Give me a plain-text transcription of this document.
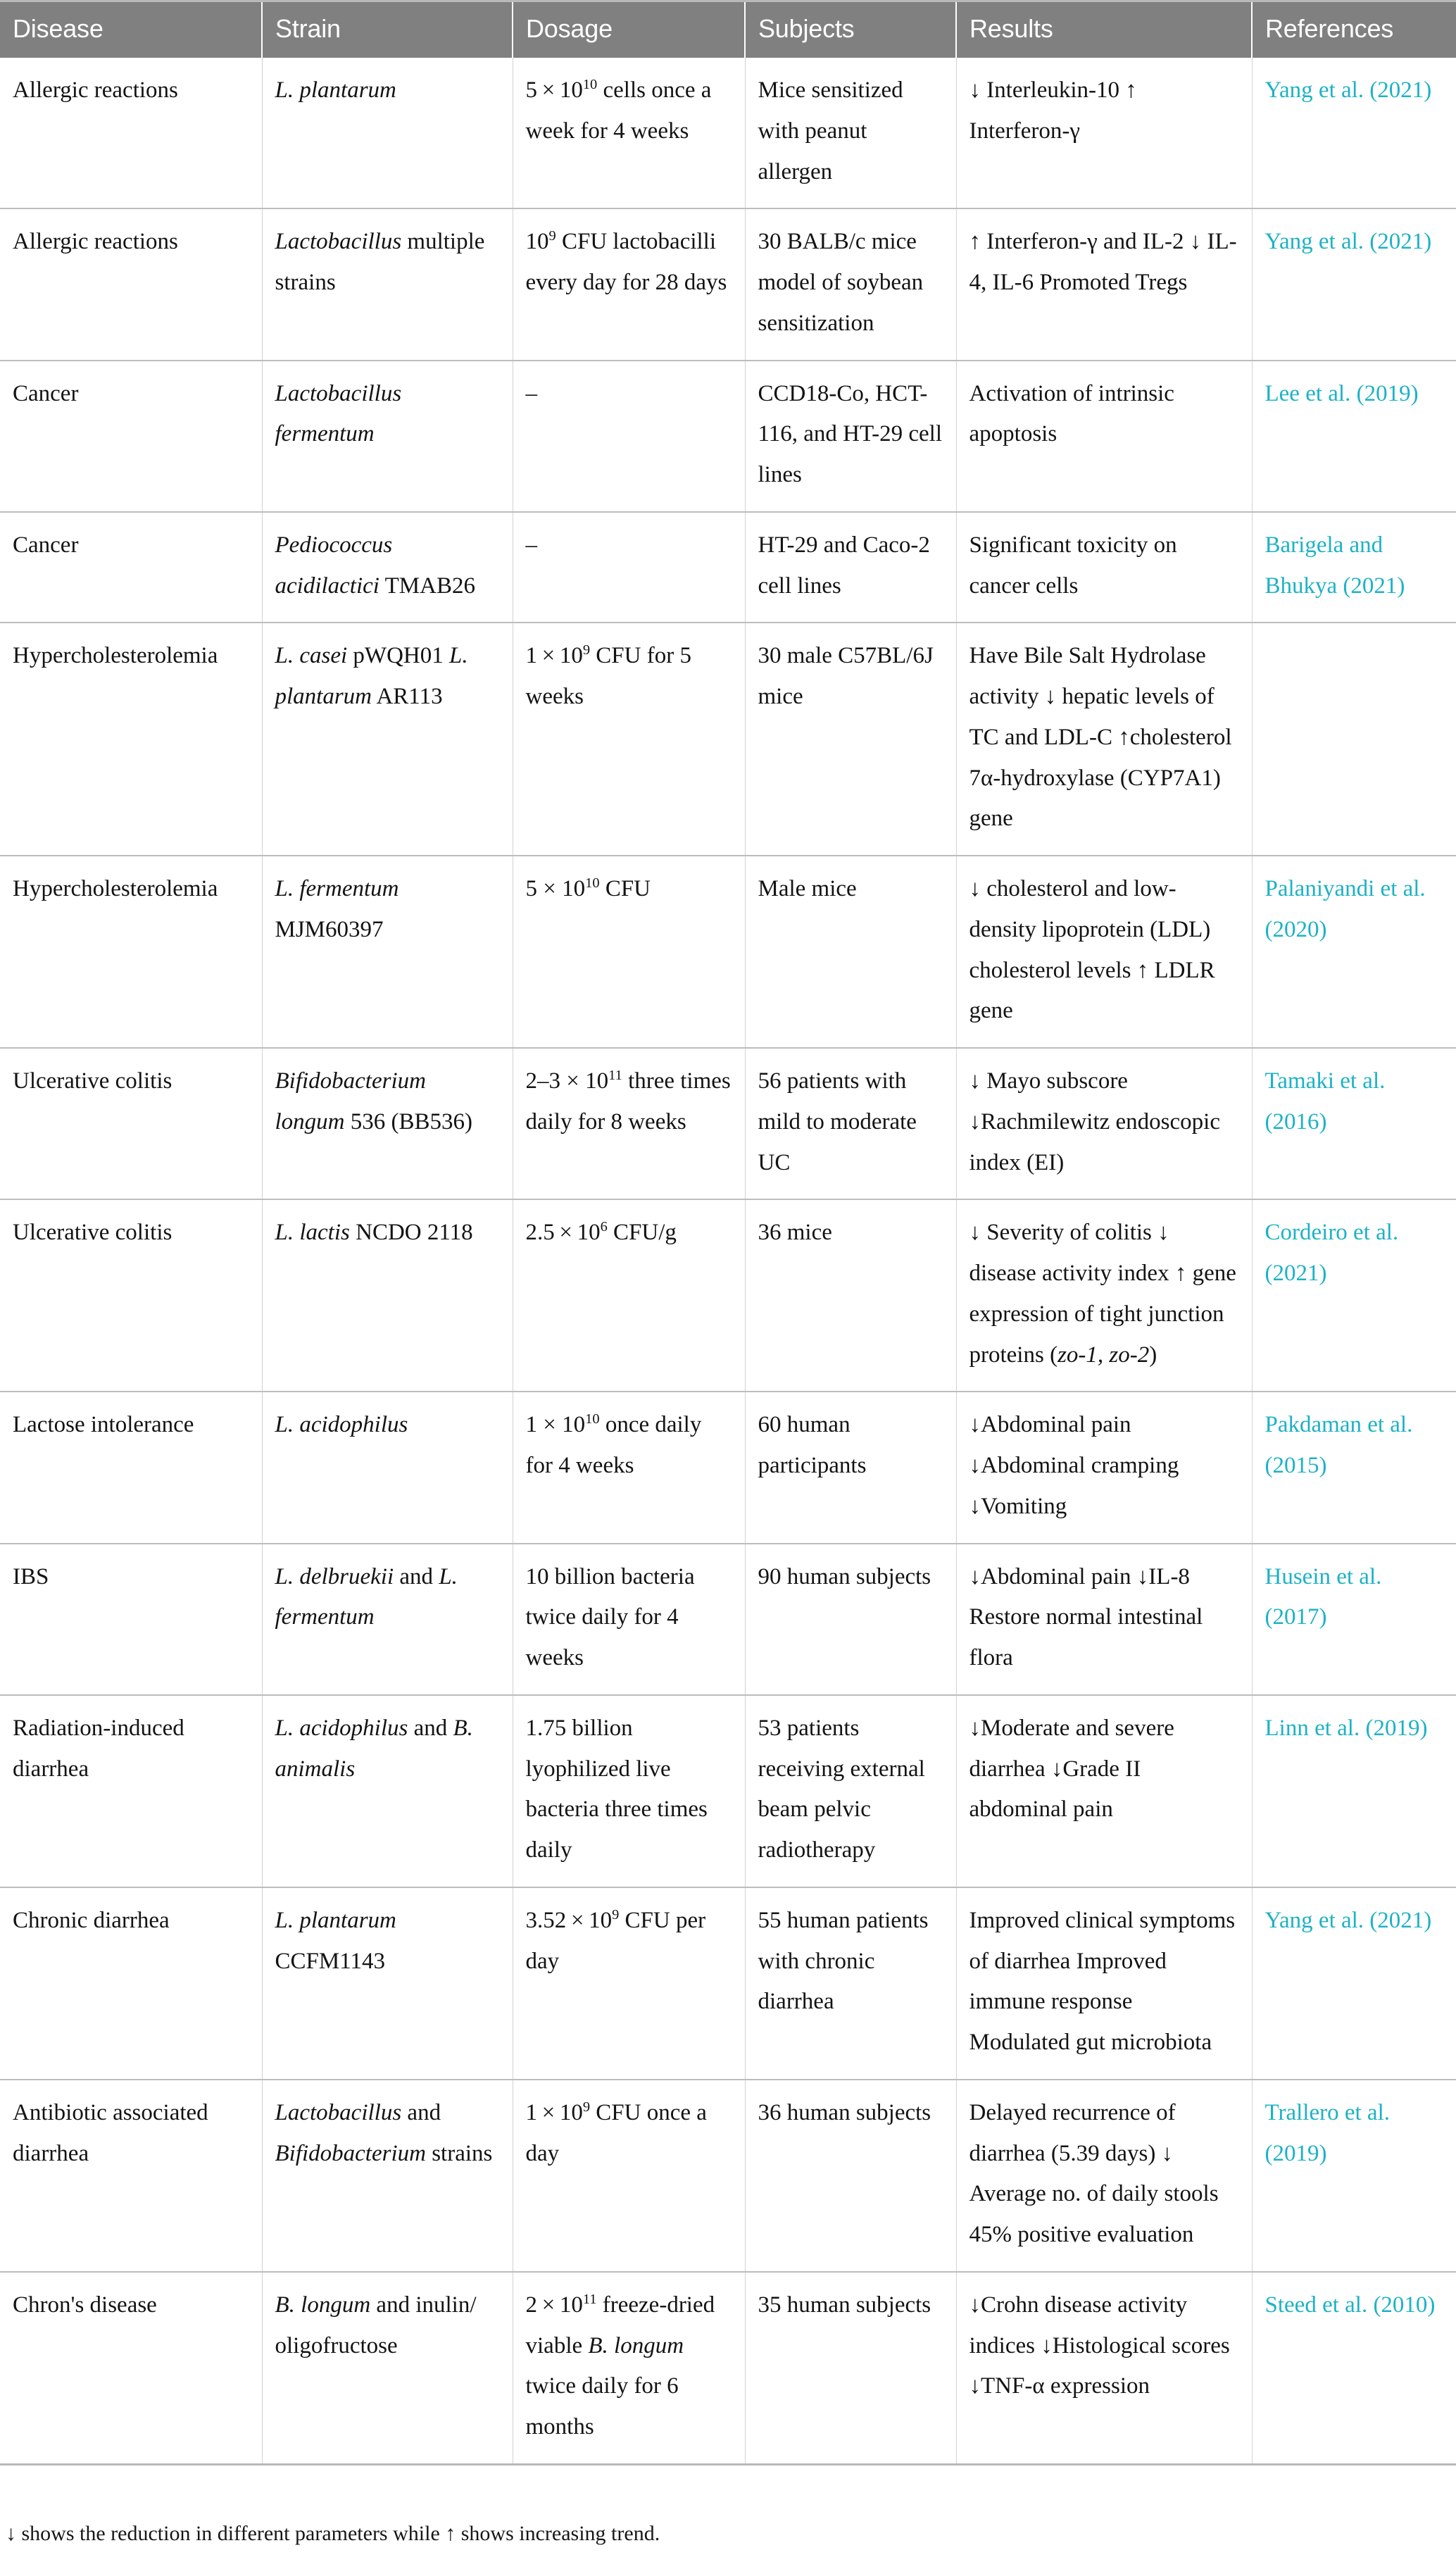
Disease	Strain	Dosage	Subjects	Results	References
Allergic reactions	L. plantarum	$5 \times 10^{10}$ cells once a week for 4 weeks	Mice sensitized with peanut allergen	↓ Interleukin-10 ↑ Interferon-γ	Yang et al. (2021)
Allergic reactions	Lactobacillus multiple strains	$10^9$ CFU lactobacilli every day for 28 days	30 BALB/c mice model of soybean sensitization	↑ Interferon-γ and IL-2 ↓ IL-4, IL-6 Promoted Tregs	Yang et al. (2021)
Cancer	Lactobacillus fermentum	–	CCD18-Co, HCT-116, and HT-29 cell lines	Activation of intrinsic apoptosis	Lee et al. (2019)
Cancer	Pediococcus acidilactici TMAB26	–	HT-29 and Caco-2 cell lines	Significant toxicity on cancer cells	Barigela and Bhukya (2021)
Hypercholesterolemia	L. casei pWQH01 L. plantarum AR113	$1 \times 10^9$ CFU for 5 weeks	30 male C57BL/6J mice	Have Bile Salt Hydrolase activity ↓ hepatic levels of TC and LDL-C ↑cholesterol 7α-hydroxylase (CYP7A1) gene	
Hypercholesterolemia	L. fermentum MJM60397	$5 \times 10^{10}$ CFU	Male mice	↓ cholesterol and low-density lipoprotein (LDL) cholesterol levels ↑ LDLR gene	Palaniyandi et al. (2020)
Ulcerative colitis	Bifidobacterium longum 536 (BB536)	$2-3 \times 10^{11}$ three times daily for 8 weeks	56 patients with mild to moderate UC	↓ Mayo subscore ↓Rachmilewitz endoscopic index (EI)	Tamaki et al. (2016)
Ulcerative colitis	L. lactis NCDO 2118	$2.5 \times 10^6$ CFU/g	36 mice	↓ Severity of colitis ↓ disease activity index ↑ gene expression of tight junction proteins (zo-1, zo-2)	Cordeiro et al. (2021)
Lactose intolerance	L. acidophilus	$1 \times 10^{10}$ once daily for 4 weeks	60 human participants	↓Abdominal pain ↓Abdominal cramping ↓Vomiting	Pakdaman et al. (2015)
IBS	L. delbruekii and L. fermentum	10 billion bacteria twice daily for 4 weeks	90 human subjects	↓Abdominal pain ↓IL-8 Restore normal intestinal flora	Husein et al. (2017)
Radiation-induced diarrhea	L. acidophilus and B. animalis	1.75 billion lyophilized live bacteria three times daily	53 patients receiving external beam pelvic radiotherapy	↓Moderate and severe diarrhea ↓Grade II abdominal pain	Linn et al. (2019)
Chronic diarrhea	L. plantarum CCFM1143	$3.52 \times 10^9$ CFU per day	55 human patients with chronic diarrhea	Improved clinical symptoms of diarrhea Improved immune response Modulated gut microbiota	Yang et al. (2021)
Antibiotic associated diarrhea	Lactobacillus and Bifidobacterium strains	$1 \times 10^9$ CFU once a day	36 human subjects	Delayed recurrence of diarrhea (5.39 days) ↓ Average no. of daily stools 45% positive evaluation	Trallero et al. (2019)
Chron's disease	B. longum and inulin/ oligofructose	$2 \times 10^{11}$ freeze-dried viable B. longum twice daily for 6 months	35 human subjects	↓Crohn disease activity indices ↓Histological scores ↓TNF-α expression	Steed et al. (2010)
↓ shows the reduction in different parameters while ↑ shows increasing trend.
